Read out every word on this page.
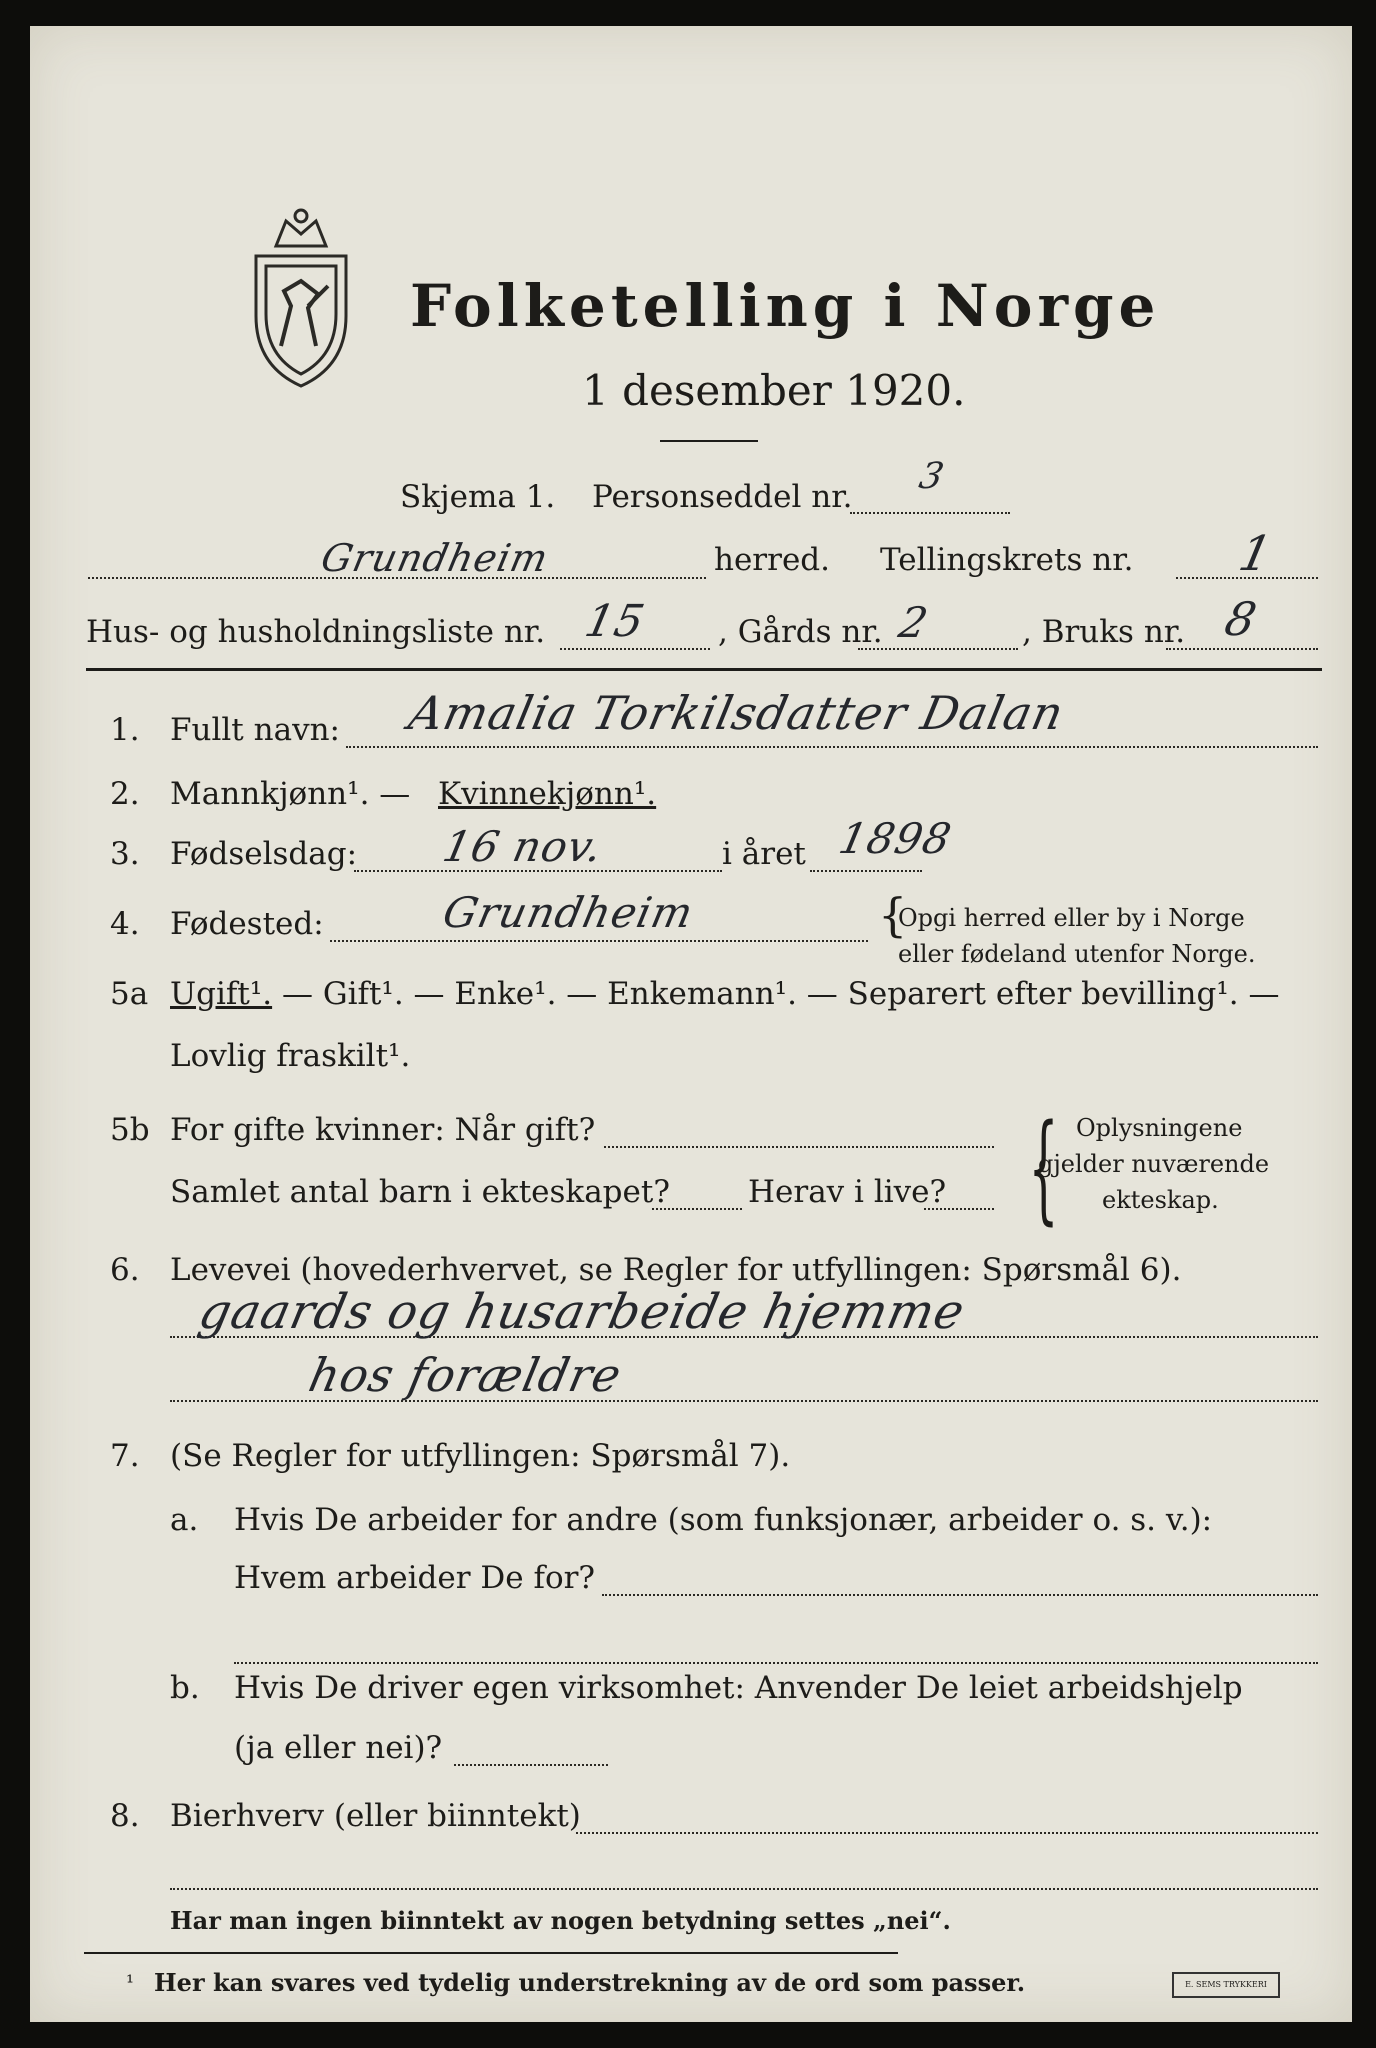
Folketelling i Norge
1 desember 1920.
Skjema 1. Personseddel nr. 3
Grundheim	herred. Tellingskrets nr. 1
Hus- og husholdningsliste nr. 15 , Gårds nr. 2	, Bruks nr. 8
1. Fullt navn: Amalia Torkilsdatter Dalan
2. Mannkjønn¹. — Kvinnekjønn¹.
3. Fødselsdag: 16 nov.	i året 1898
4. Fødested:	Grundheim	{
Opgi herred eller by i Norge
eller fødeland utenfor Norge.
5a Ugift¹. — Gift¹. — Enke¹. — Enkemann¹. — Separert efter bevilling¹. —
Lovlig fraskilt¹.
5b For gifte kvinner: Når gift?
Samlet antal barn i ekteskapet?	Herav i live? { Oplysningene
gjelder nuværende
ekteskap.
6. Levevei (hovederhvervet, se Regler for utfyllingen: Spørsmål 6).
gaards og husarbeide hjemme
hos forældre
7. (Se Regler for utfyllingen: Spørsmål 7).
a. Hvis De arbeider for andre (som funksjonær, arbeider o. s. v.):
Hvem arbeider De for?
b. Hvis De driver egen virksomhet: Anvender De leiet arbeidshjelp
(ja eller nei)?
8. Bierhverv (eller biinntekt)
Har man ingen biinntekt av nogen betydning settes „nei“.
¹ Her kan svares ved tydelig understrekning av de ord som passer.	E. SEMS TRYKKERI
